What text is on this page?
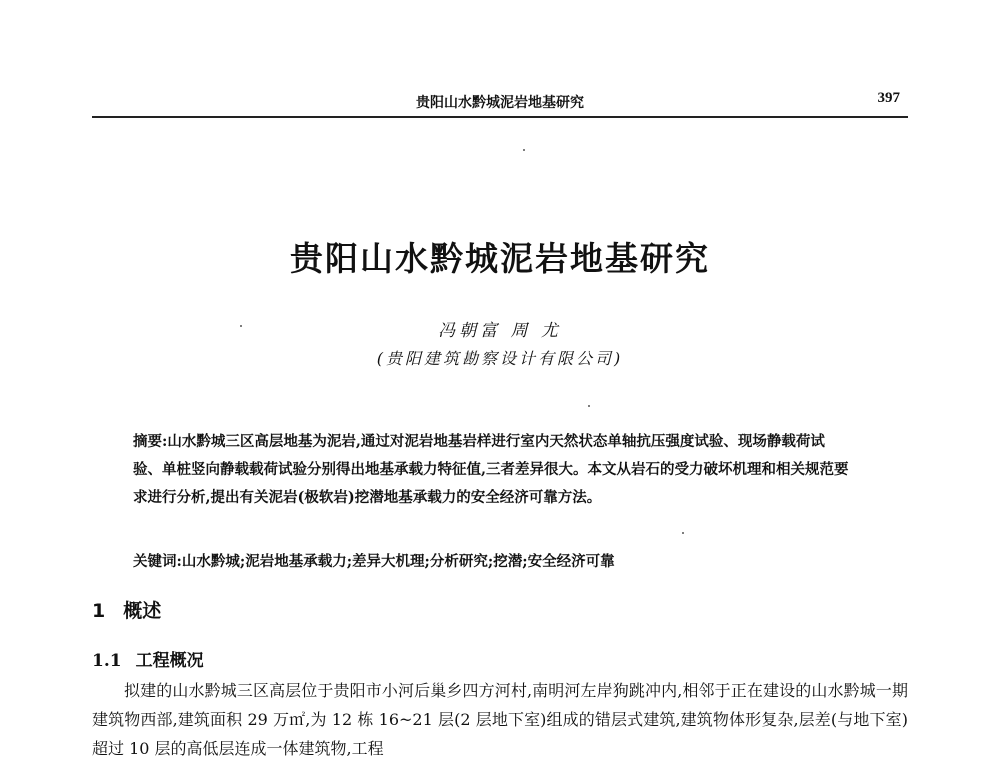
贵阳山水黔城泥岩地基研究	397
贵阳山水黔城泥岩地基研究
冯朝富 周 尤
(贵阳建筑勘察设计有限公司)

摘要:山水黔城三区高层地基为泥岩,通过对泥岩地基岩样进行室内天然状态单轴抗压强度试验、现场静载荷试验、单桩竖向静载载荷试验分别得出地基承载力特征值,三者差异很大。本文从岩石的受力破坏机理和相关规范要求进行分析,提出有关泥岩(极软岩)挖潜地基承载力的安全经济可靠方法。

关键词:山水黔城;泥岩地基承载力;差异大机理;分析研究;挖潜;安全经济可靠
1 概述
1.1 工程概况

拟建的山水黔城三区高层位于贵阳市小河后巢乡四方河村,南明河左岸狗跳冲内,相邻于正在建设的山水黔城一期建筑物西部,建筑面积 29 万㎡,为 12 栋 16~21 层(2 层地下室)组成的错层式建筑,建筑物体形复杂,层差(与地下室)超过 10 层的高低层连成一体建筑物,工程
